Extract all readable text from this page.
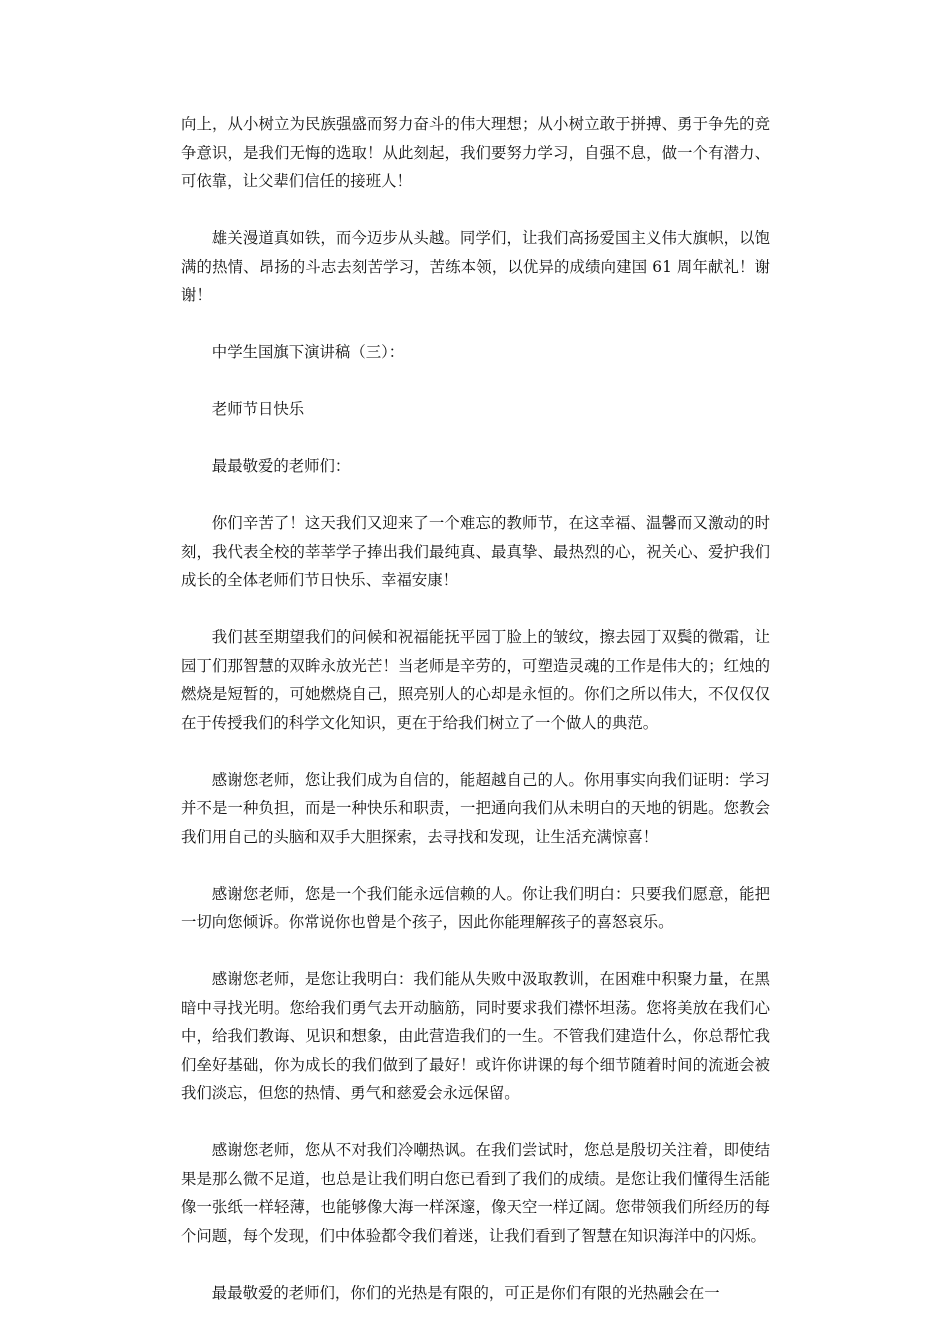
向上，从小树立为民族强盛而努力奋斗的伟大理想；从小树立敢于拼搏、勇于争先的竞争意识，是我们无悔的选取！从此刻起，我们要努力学习，自强不息，做一个有潜力、可依靠，让父辈们信任的接班人！

雄关漫道真如铁，而今迈步从头越。同学们，让我们高扬爱国主义伟大旗帜，以饱满的热情、昂扬的斗志去刻苦学习，苦练本领，以优异的成绩向建国 61 周年献礼！谢谢！

中学生国旗下演讲稿（三）：

老师节日快乐

最最敬爱的老师们：

你们辛苦了！这天我们又迎来了一个难忘的教师节，在这幸福、温馨而又激动的时刻，我代表全校的莘莘学子捧出我们最纯真、最真挚、最热烈的心，祝关心、爱护我们成长的全体老师们节日快乐、幸福安康！

我们甚至期望我们的问候和祝福能抚平园丁脸上的皱纹，擦去园丁双鬓的微霜，让园丁们那智慧的双眸永放光芒！当老师是辛劳的，可塑造灵魂的工作是伟大的；红烛的燃烧是短暂的，可她燃烧自己，照亮别人的心却是永恒的。你们之所以伟大，不仅仅仅在于传授我们的科学文化知识，更在于给我们树立了一个做人的典范。

感谢您老师，您让我们成为自信的，能超越自己的人。你用事实向我们证明：学习并不是一种负担，而是一种快乐和职责，一把通向我们从未明白的天地的钥匙。您教会我们用自己的头脑和双手大胆探索，去寻找和发现，让生活充满惊喜！

感谢您老师，您是一个我们能永远信赖的人。你让我们明白：只要我们愿意，能把一切向您倾诉。你常说你也曾是个孩子，因此你能理解孩子的喜怒哀乐。

感谢您老师，是您让我明白：我们能从失败中汲取教训，在困难中积聚力量，在黑暗中寻找光明。您给我们勇气去开动脑筋，同时要求我们襟怀坦荡。您将美放在我们心中，给我们教诲、见识和想象，由此营造我们的一生。不管我们建造什么，你总帮忙我们垒好基础，你为成长的我们做到了最好！或许你讲课的每个细节随着时间的流逝会被我们淡忘，但您的热情、勇气和慈爱会永远保留。

感谢您老师，您从不对我们冷嘲热讽。在我们尝试时，您总是殷切关注着，即使结果是那么微不足道，也总是让我们明白您已看到了我们的成绩。是您让我们懂得生活能像一张纸一样轻薄，也能够像大海一样深邃，像天空一样辽阔。您带领我们所经历的每个问题，每个发现，们中体验都令我们着迷，让我们看到了智慧在知识海洋中的闪烁。

最最敬爱的老师们，你们的光热是有限的，可正是你们有限的光热融会在一
